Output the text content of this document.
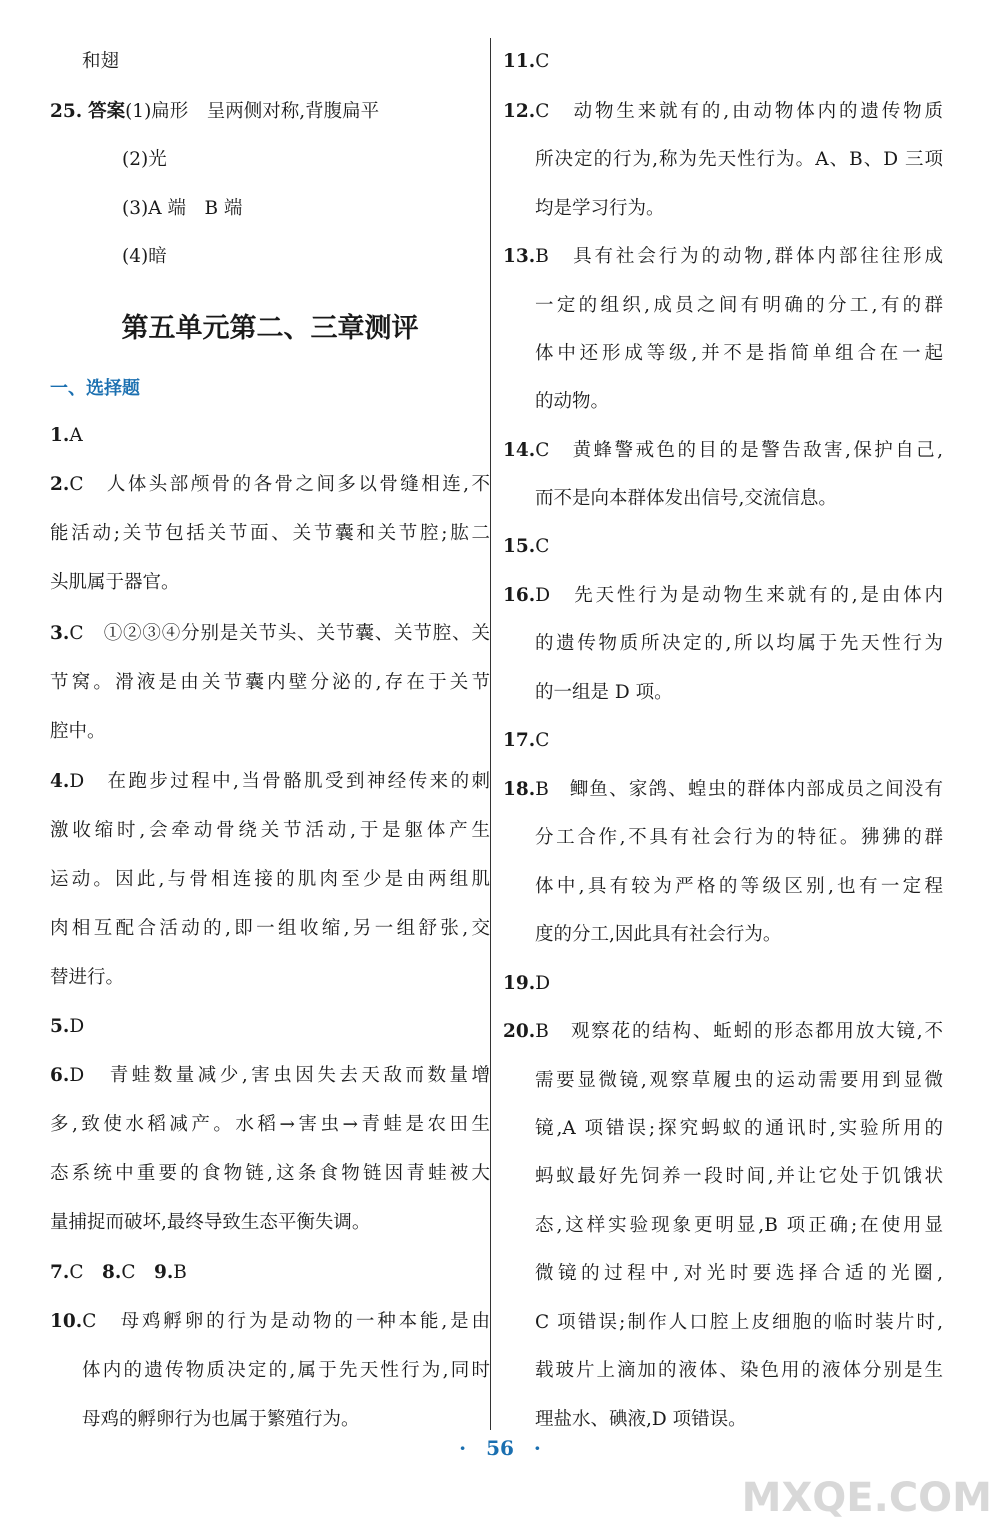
和翅
25. 答案(1)扁形　呈两侧对称,背腹扁平
(2)光
(3)A 端　B 端
(4)暗
第五单元第二、三章测评
一、选择题
1.A
2.C　人体头部颅骨的各骨之间多以骨缝相连,不
能活动;关节包括关节面、关节囊和关节腔;肱二
头肌属于器官。
3.C　①②③④分别是关节头、关节囊、关节腔、关
节窝。滑液是由关节囊内壁分泌的,存在于关节
腔中。
4.D　在跑步过程中,当骨骼肌受到神经传来的刺
激收缩时,会牵动骨绕关节活动,于是躯体产生
运动。因此,与骨相连接的肌肉至少是由两组肌
肉相互配合活动的,即一组收缩,另一组舒张,交
替进行。
5.D
6.D　青蛙数量减少,害虫因失去天敌而数量增
多,致使水稻减产。水稻→害虫→青蛙是农田生
态系统中重要的食物链,这条食物链因青蛙被大
量捕捉而破坏,最终导致生态平衡失调。
7.C　8.C　9.B
10.C　母鸡孵卵的行为是动物的一种本能,是由
体内的遗传物质决定的,属于先天性行为,同时
母鸡的孵卵行为也属于繁殖行为。
11.C
12.C　动物生来就有的,由动物体内的遗传物质
所决定的行为,称为先天性行为。A、B、D 三项
均是学习行为。
13.B　具有社会行为的动物,群体内部往往形成
一定的组织,成员之间有明确的分工,有的群
体中还形成等级,并不是指简单组合在一起
的动物。
14.C　黄蜂警戒色的目的是警告敌害,保护自己,
而不是向本群体发出信号,交流信息。
15.C
16.D　先天性行为是动物生来就有的,是由体内
的遗传物质所决定的,所以均属于先天性行为
的一组是 D 项。
17.C
18.B　鲫鱼、家鸽、蝗虫的群体内部成员之间没有
分工合作,不具有社会行为的特征。狒狒的群
体中,具有较为严格的等级区别,也有一定程
度的分工,因此具有社会行为。
19.D
20.B　观察花的结构、蚯蚓的形态都用放大镜,不
需要显微镜,观察草履虫的运动需要用到显微
镜,A 项错误;探究蚂蚁的通讯时,实验所用的
蚂蚁最好先饲养一段时间,并让它处于饥饿状
态,这样实验现象更明显,B 项正确;在使用显
微镜的过程中,对光时要选择合适的光圈,
C 项错误;制作人口腔上皮细胞的临时装片时,
载玻片上滴加的液体、染色用的液体分别是生
理盐水、碘液,D 项错误。
·　56　·
MXQE.COM
